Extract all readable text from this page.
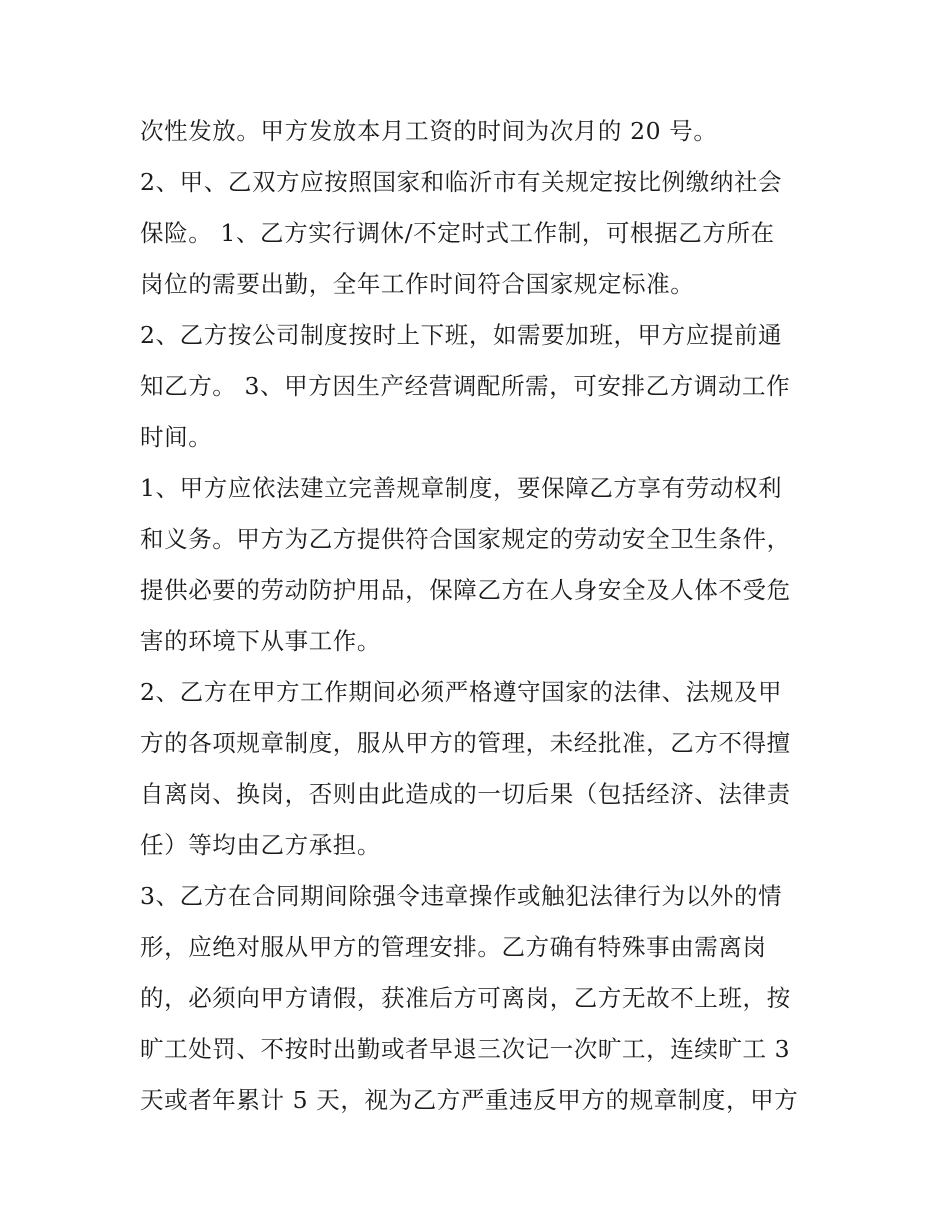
次性发放。甲方发放本月工资的时间为次月的 20 号。
2、甲、乙双方应按照国家和临沂市有关规定按比例缴纳社会
保险。 1、乙方实行调休/不定时式工作制，可根据乙方所在
岗位的需要出勤，全年工作时间符合国家规定标准。
2、乙方按公司制度按时上下班，如需要加班，甲方应提前通
知乙方。 3、甲方因生产经营调配所需，可安排乙方调动工作
时间。
1、甲方应依法建立完善规章制度，要保障乙方享有劳动权利
和义务。甲方为乙方提供符合国家规定的劳动安全卫生条件，
提供必要的劳动防护用品，保障乙方在人身安全及人体不受危
害的环境下从事工作。
2、乙方在甲方工作期间必须严格遵守国家的法律、法规及甲
方的各项规章制度，服从甲方的管理，未经批准，乙方不得擅
自离岗、换岗，否则由此造成的一切后果（包括经济、法律责
任）等均由乙方承担。
3、乙方在合同期间除强令违章操作或触犯法律行为以外的情
形，应绝对服从甲方的管理安排。乙方确有特殊事由需离岗
的，必须向甲方请假，获准后方可离岗，乙方无故不上班，按
旷工处罚、不按时出勤或者早退三次记一次旷工，连续旷工 3
天或者年累计 5 天，视为乙方严重违反甲方的规章制度，甲方
